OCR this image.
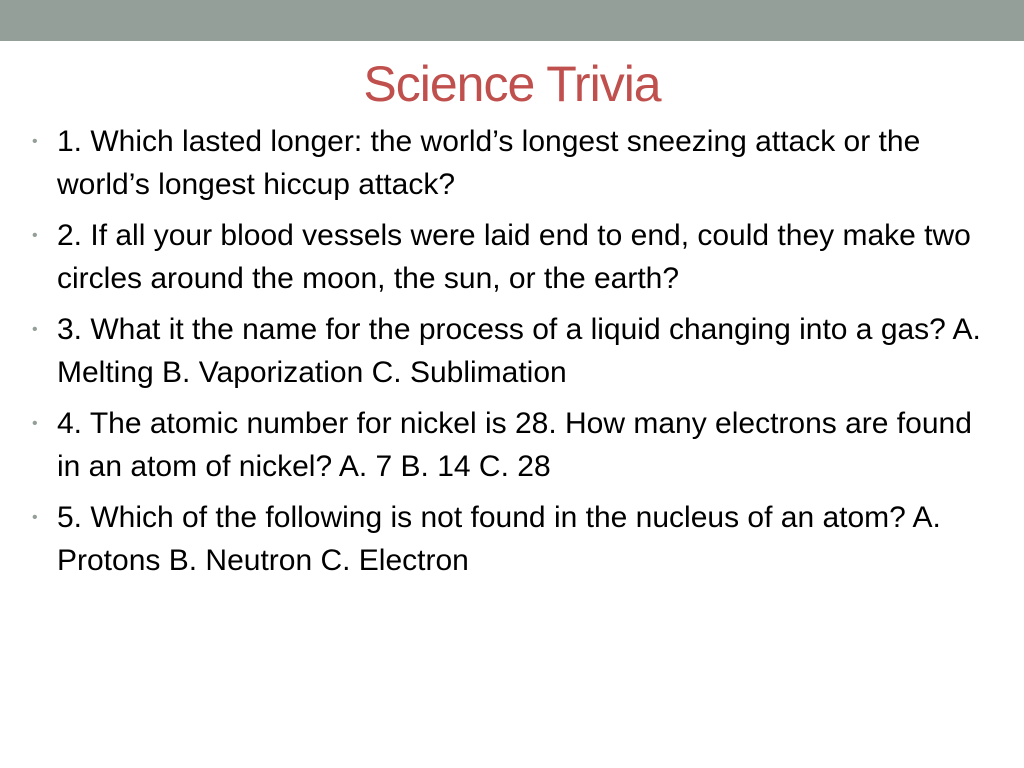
Science Trivia
• 1. Which lasted longer: the world’s longest sneezing attack or the world’s longest hiccup attack?
• 2. If all your blood vessels were laid end to end, could they make two circles around the moon, the sun, or the earth?
• 3. What it the name for the process of a liquid changing into a gas? A. Melting B. Vaporization C. Sublimation
• 4. The atomic number for nickel is 28. How many electrons are found in an atom of nickel? A. 7 B. 14 C. 28
• 5. Which of the following is not found in the nucleus of an atom? A. Protons B. Neutron C. Electron
